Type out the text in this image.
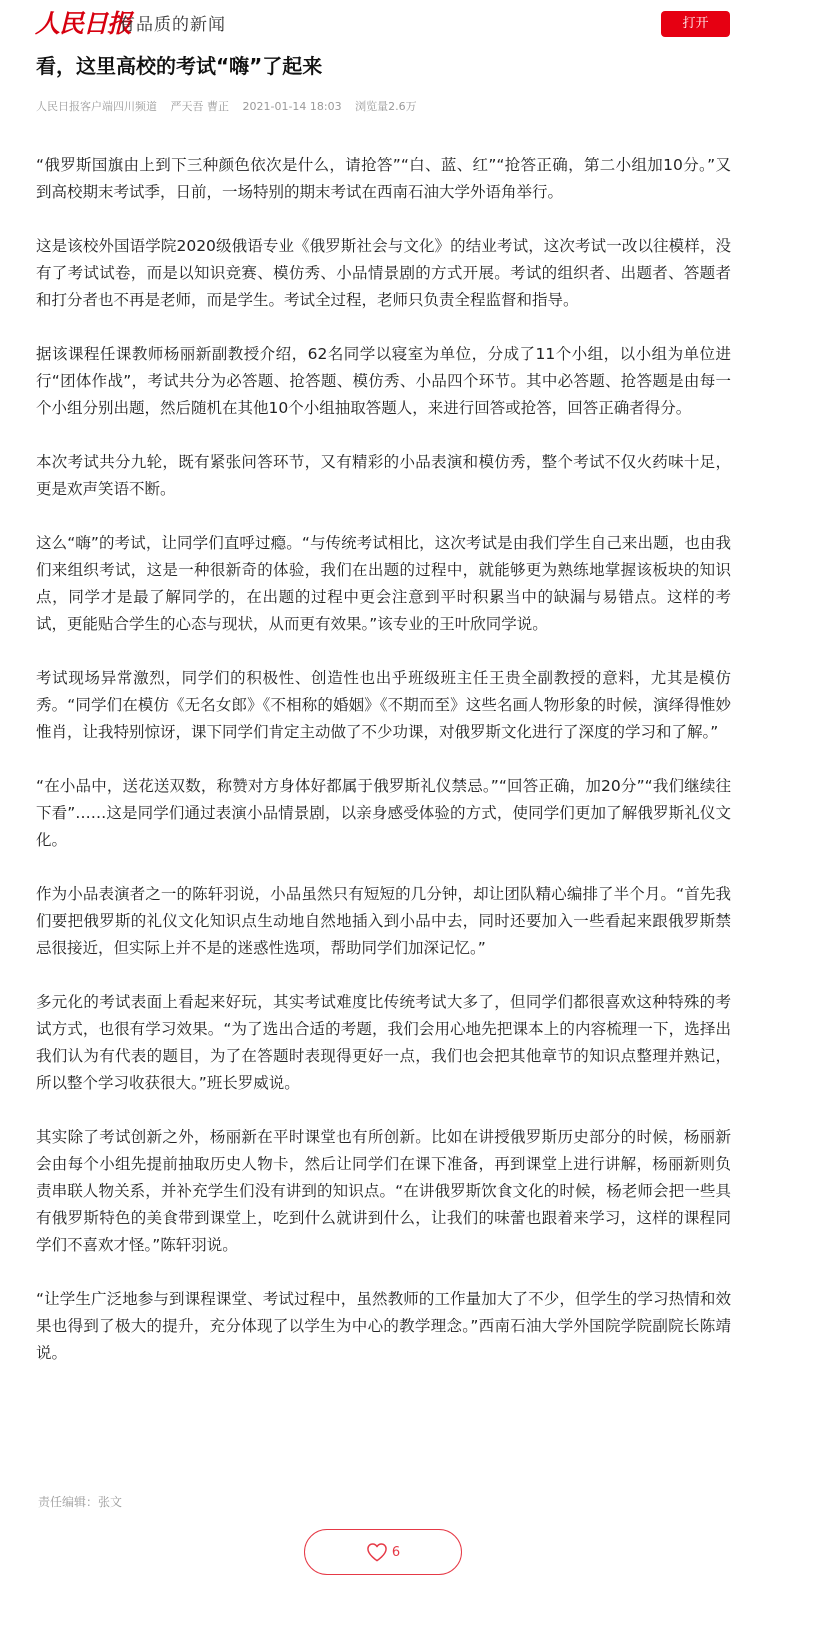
人民日报
有品质的新闻	打开
看，这里高校的考试“嗨”了起来
人民日报客户端四川频道 严天吾 曹正 2021-01-14 18:03 浏览量2.6万

“俄罗斯国旗由上到下三种颜色依次是什么，请抢答”“白、蓝、红”“抢答正确，第二小组加10分。”又到高校期末考试季，日前，一场特别的期末考试在西南石油大学外语角举行。

这是该校外国语学院2020级俄语专业《俄罗斯社会与文化》的结业考试，这次考试一改以往模样，没有了考试试卷，而是以知识竞赛、模仿秀、小品情景剧的方式开展。考试的组织者、出题者、答题者和打分者也不再是老师，而是学生。考试全过程，老师只负责全程监督和指导。

据该课程任课教师杨丽新副教授介绍，62名同学以寝室为单位，分成了11个小组，以小组为单位进行“团体作战”，考试共分为必答题、抢答题、模仿秀、小品四个环节。其中必答题、抢答题是由每一个小组分别出题，然后随机在其他10个小组抽取答题人，来进行回答或抢答，回答正确者得分。

本次考试共分九轮，既有紧张问答环节，又有精彩的小品表演和模仿秀，整个考试不仅火药味十足，更是欢声笑语不断。

这么“嗨”的考试，让同学们直呼过瘾。“与传统考试相比，这次考试是由我们学生自己来出题，也由我们来组织考试，这是一种很新奇的体验，我们在出题的过程中，就能够更为熟练地掌握该板块的知识点，同学才是最了解同学的，在出题的过程中更会注意到平时积累当中的缺漏与易错点。这样的考试，更能贴合学生的心态与现状，从而更有效果。”该专业的王叶欣同学说。

考试现场异常激烈，同学们的积极性、创造性也出乎班级班主任王贵全副教授的意料，尤其是模仿秀。“同学们在模仿《无名女郎》《不相称的婚姻》《不期而至》这些名画人物形象的时候，演绎得惟妙惟肖，让我特别惊讶，课下同学们肯定主动做了不少功课，对俄罗斯文化进行了深度的学习和了解。”

“在小品中，送花送双数，称赞对方身体好都属于俄罗斯礼仪禁忌。”“回答正确，加20分”“我们继续往下看”……这是同学们通过表演小品情景剧，以亲身感受体验的方式，使同学们更加了解俄罗斯礼仪文化。

作为小品表演者之一的陈轩羽说，小品虽然只有短短的几分钟，却让团队精心编排了半个月。“首先我们要把俄罗斯的礼仪文化知识点生动地自然地插入到小品中去，同时还要加入一些看起来跟俄罗斯禁忌很接近，但实际上并不是的迷惑性选项，帮助同学们加深记忆。”

多元化的考试表面上看起来好玩，其实考试难度比传统考试大多了，但同学们都很喜欢这种特殊的考试方式，也很有学习效果。“为了选出合适的考题，我们会用心地先把课本上的内容梳理一下，选择出我们认为有代表的题目，为了在答题时表现得更好一点，我们也会把其他章节的知识点整理并熟记，所以整个学习收获很大。”班长罗威说。

其实除了考试创新之外，杨丽新在平时课堂也有所创新。比如在讲授俄罗斯历史部分的时候，杨丽新会由每个小组先提前抽取历史人物卡，然后让同学们在课下准备，再到课堂上进行讲解，杨丽新则负责串联人物关系，并补充学生们没有讲到的知识点。“在讲俄罗斯饮食文化的时候，杨老师会把一些具有俄罗斯特色的美食带到课堂上，吃到什么就讲到什么，让我们的味蕾也跟着来学习，这样的课程同学们不喜欢才怪。”陈轩羽说。

“让学生广泛地参与到课程课堂、考试过程中，虽然教师的工作量加大了不少，但学生的学习热情和效果也得到了极大的提升，充分体现了以学生为中心的教学理念。”西南石油大学外国院学院副院长陈靖说。

责任编辑：张文
6
